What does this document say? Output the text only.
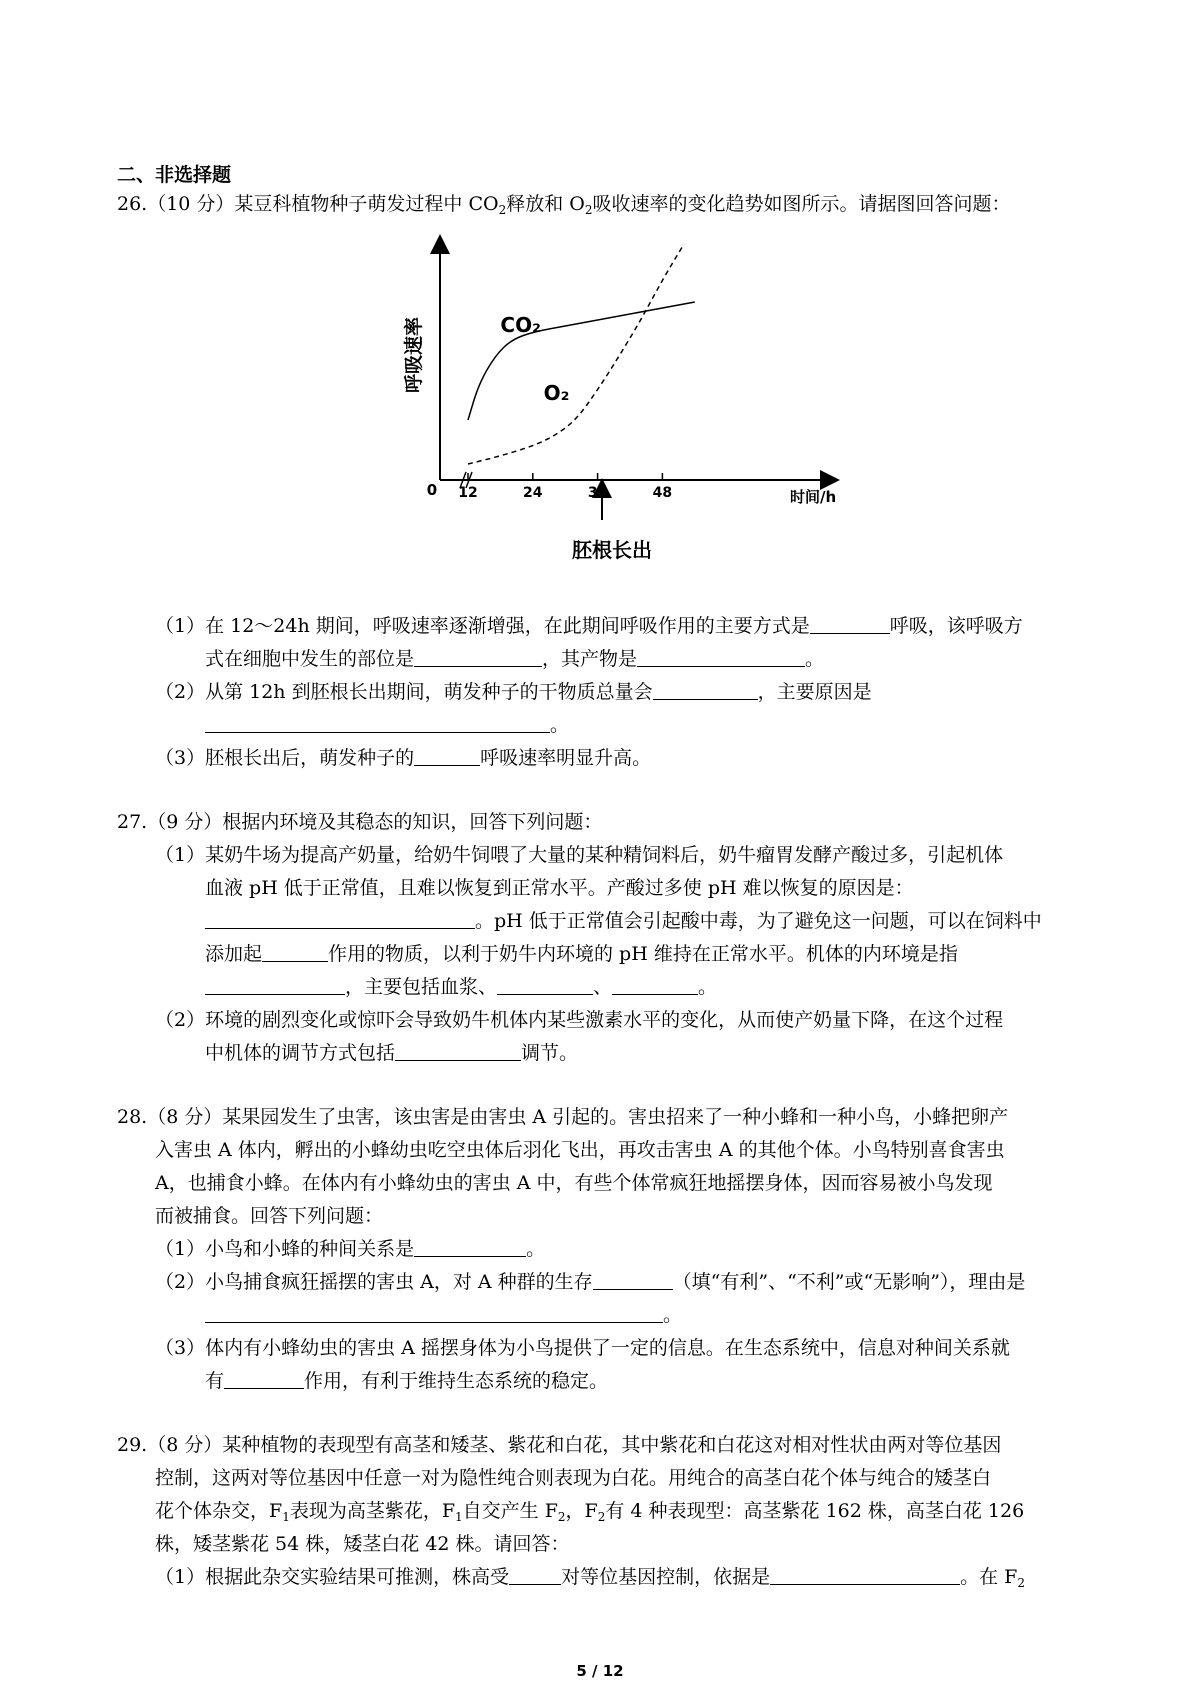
二、非选择题
26.（10 分）某豆科植物种子萌发过程中 $CO_2$释放和 $O_2$吸收速率的变化趋势如图所示。请据图回答问题：
呼吸速率
时间/h
0 12	24	36	48
胚根长出
CO₂
O₂
（1）在 12～24h 期间，呼吸速率逐渐增强，在此期间呼吸作用的主要方式是	呼吸，该呼吸方
式在细胞中发生的部位是	，其产物是	。
（2）从第 12h 到胚根长出期间，萌发种子的干物质总量会	，主要原因是
。
（3）胚根长出后，萌发种子的	呼吸速率明显升高。
27.（9 分）根据内环境及其稳态的知识，回答下列问题：
（1）某奶牛场为提高产奶量，给奶牛饲喂了大量的某种精饲料后，奶牛瘤胃发酵产酸过多，引起机体
血液 pH 低于正常值，且难以恢复到正常水平。产酸过多使 pH 难以恢复的原因是：
。pH 低于正常值会引起酸中毒，为了避免这一问题，可以在饲料中
添加起	作用的物质，以利于奶牛内环境的 pH 维持在正常水平。机体的内环境是指
，主要包括血浆、	、	。
（2）环境的剧烈变化或惊吓会导致奶牛机体内某些激素水平的变化，从而使产奶量下降，在这个过程
中机体的调节方式包括	调节。
28.（8 分）某果园发生了虫害，该虫害是由害虫 A 引起的。害虫招来了一种小蜂和一种小鸟，小蜂把卵产
入害虫 A 体内，孵出的小蜂幼虫吃空虫体后羽化飞出，再攻击害虫 A 的其他个体。小鸟特别喜食害虫
A，也捕食小蜂。在体内有小蜂幼虫的害虫 A 中，有些个体常疯狂地摇摆身体，因而容易被小鸟发现
而被捕食。回答下列问题：
（1）小鸟和小蜂的种间关系是	。
（2）小鸟捕食疯狂摇摆的害虫 A，对 A 种群的生存	（填“有利”、“不利”或“无影响”），理由是
。
（3）体内有小蜂幼虫的害虫 A 摇摆身体为小鸟提供了一定的信息。在生态系统中，信息对种间关系就
有	作用，有利于维持生态系统的稳定。
29.（8 分）某种植物的表现型有高茎和矮茎、紫花和白花，其中紫花和白花这对相对性状由两对等位基因
控制，这两对等位基因中任意一对为隐性纯合则表现为白花。用纯合的高茎白花个体与纯合的矮茎白
花个体杂交，$F_1$表现为高茎紫花，$F_1$自交产生 $F_2$，$F_2$有 4 种表现型：高茎紫花 162 株，高茎白花 126
株，矮茎紫花 54 株，矮茎白花 42 株。请回答：
（1）根据此杂交实验结果可推测，株高受	对等位基因控制，依据是	。在 $F_2$
5 / 12
